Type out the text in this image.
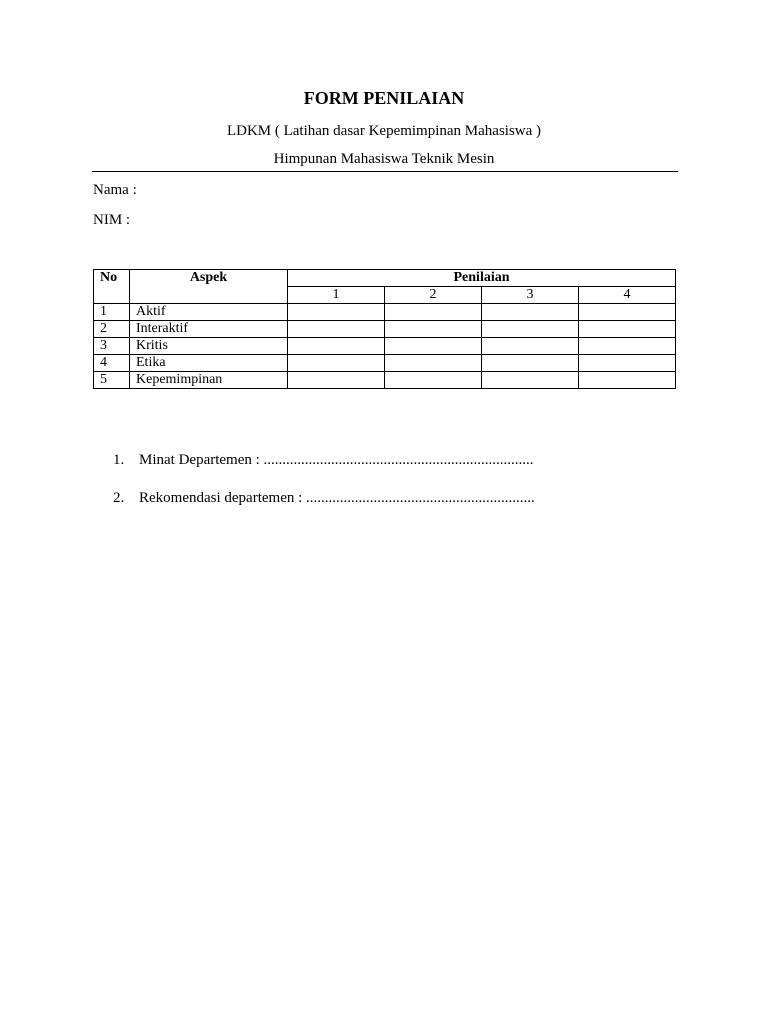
FORM PENILAIAN
LDKM ( Latihan dasar Kepemimpinan Mahasiswa )
Himpunan Mahasiswa Teknik Mesin
Nama :
NIM :
No	Aspek	Penilaian			
		1	2	3	4
1	Aktif				
2	Interaktif				
3	Kritis				
4	Etika				
5	Kepemimpinan				
1. Minat Departemen : ........................................................................
2. Rekomendasi departemen : .............................................................
